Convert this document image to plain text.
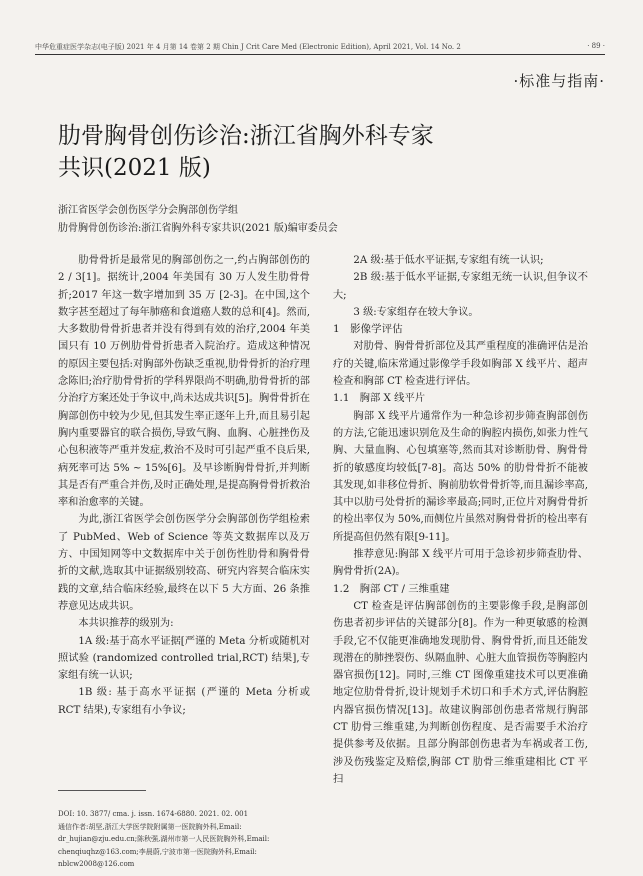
中华危重症医学杂志(电子版) 2021 年 4 月第 14 卷第 2 期 Chin J Crit Care Med (Electronic Edition), April 2021, Vol. 14 No. 2	· 89 ·
·标准与指南·
肋骨胸骨创伤诊治:浙江省胸外科专家
共识(2021 版)
浙江省医学会创伤医学分会胸部创伤学组
肋骨胸骨创伤诊治:浙江省胸外科专家共识(2021 版)编审委员会

肋骨骨折是最常见的胸部创伤之一,约占胸部创伤的 2 / 3[1]。据统计,2004 年美国有 30 万人发生肋骨骨折;2017 年这一数字增加到 35 万 [2-3]。在中国,这个数字甚至超过了每年肺癌和食道癌人数的总和[4]。然而,大多数肋骨骨折患者并没有得到有效的治疗,2004 年美国只有 10 万例肋骨骨折患者入院治疗。造成这种情况的原因主要包括:对胸部外伤缺乏重视,肋骨骨折的治疗理念陈旧;治疗肋骨骨折的学科界限尚不明确,肋骨骨折的部分治疗方案还处于争议中,尚未达成共识[5]。胸骨骨折在胸部创伤中较为少见,但其发生率正逐年上升,而且易引起胸内重要器官的联合损伤,导致气胸、血胸、心脏挫伤及心包积液等严重并发症,救治不及时可引起严重不良后果,病死率可达 5% ~ 15%[6]。及早诊断胸骨骨折,并判断其是否有严重合并伤,及时正确处理,是提高胸骨骨折救治率和治愈率的关键。

为此,浙江省医学会创伤医学分会胸部创伤学组检索了 PubMed、Web of Science 等英文数据库以及万方、中国知网等中文数据库中关于创伤性肋骨和胸骨骨折的文献,选取其中证据级别较高、研究内容契合临床实践的文章,结合临床经验,最终在以下 5 大方面、26 条推荐意见达成共识。

本共识推荐的级别为:

1A 级:基于高水平证据[严谨的 Meta 分析或随机对照试验 (randomized controlled trial,RCT) 结果],专家组有统一认识;

1B 级: 基于高水平证据 (严谨的 Meta 分析或 RCT 结果),专家组有小争议;

DOI: 10. 3877/ cma. j. issn. 1674-6880. 2021. 02. 001
通信作者:胡坚,浙江大学医学院附属第一医院胸外科,Email: dr_hujian@zju.edu.cn;陈秋强,湖州市第一人民医院胸外科,Email: chenqiuqhz@163.com;李晨蔚,宁波市第一医院胸外科,Email: nblcw2008@126.com

2A 级:基于低水平证据,专家组有统一认识;

2B 级:基于低水平证据,专家组无统一认识,但争议不大;

3 级:专家组存在较大争议。

1　影像学评估

对肋骨、胸骨骨折部位及其严重程度的准确评估是治疗的关键,临床常通过影像学手段如胸部 X 线平片、超声检查和胸部 CT 检查进行评估。

1.1　胸部 X 线平片

胸部 X 线平片通常作为一种急诊初步筛查胸部创伤的方法,它能迅速识别危及生命的胸腔内损伤,如张力性气胸、大量血胸、心包填塞等,然而其对诊断肋骨、胸骨骨折的敏感度均较低[7-8]。高达 50% 的肋骨骨折不能被其发现,如非移位骨折、胸前肋软骨骨折等,而且漏诊率高,其中以肋弓处骨折的漏诊率最高;同时,正位片对胸骨骨折的检出率仅为 50%,而侧位片虽然对胸骨骨折的检出率有所提高但仍然有限[9-11]。

推荐意见:胸部 X 线平片可用于急诊初步筛查肋骨、胸骨骨折(2A)。

1.2　胸部 CT / 三维重建

CT 检查是评估胸部创伤的主要影像手段,是胸部创伤患者初步评估的关键部分[8]。作为一种更敏感的检测手段,它不仅能更准确地发现肋骨、胸骨骨折,而且还能发现潜在的肺挫裂伤、纵隔血肿、心脏大血管损伤等胸腔内器官损伤[12]。同时,三维 CT 图像重建技术可以更准确地定位肋骨骨折,设计规划手术切口和手术方式,评估胸腔内器官损伤情况[13]。故建议胸部创伤患者常规行胸部 CT 肋骨三维重建,为判断创伤程度、是否需要手术治疗提供参考及依据。且部分胸部创伤患者为车祸或者工伤,涉及伤残鉴定及赔偿,胸部 CT 肋骨三维重建相比 CT 平扫
